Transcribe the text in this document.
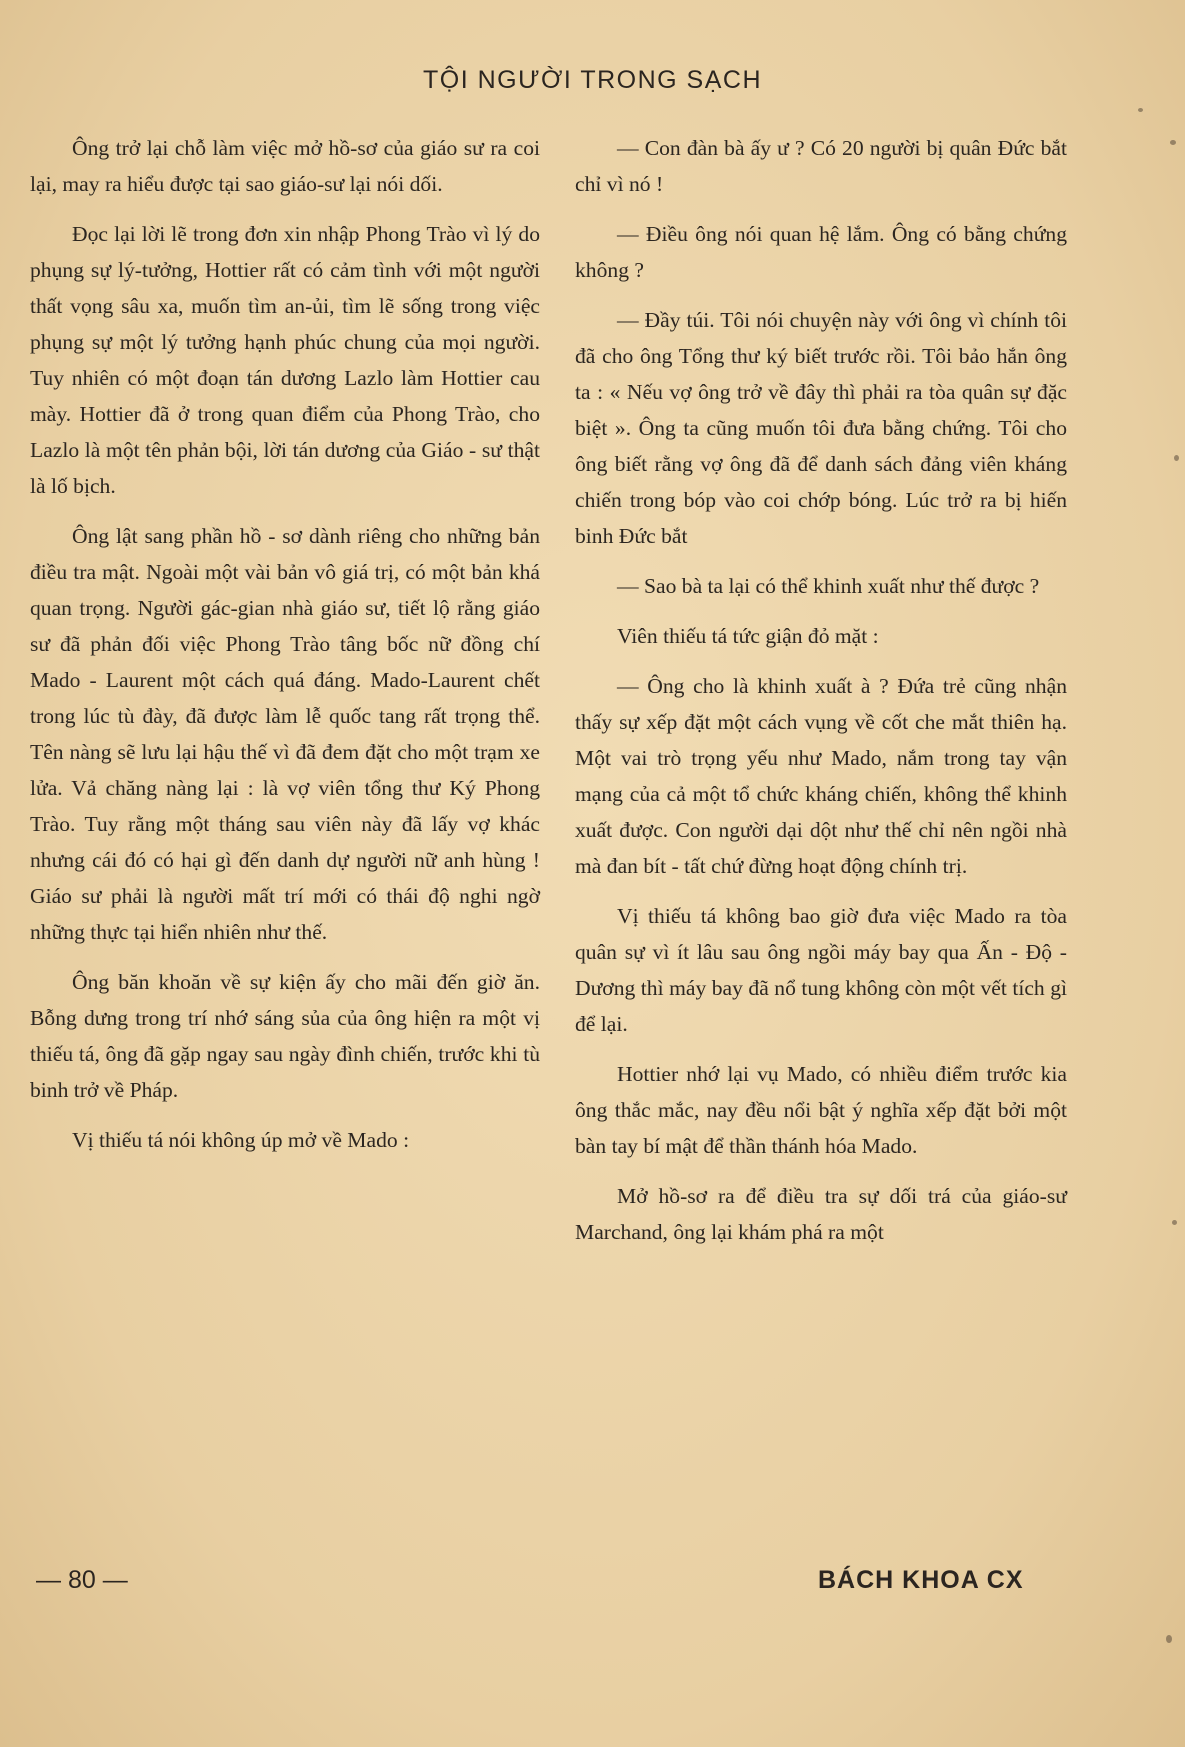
TỘI NGƯỜI TRONG SẠCH

Ông trở lại chỗ làm việc mở hồ-sơ của giáo sư ra coi lại, may ra hiểu được tại sao giáo-sư lại nói dối.

Đọc lại lời lẽ trong đơn xin nhập Phong Trào vì lý do phụng sự lý-tưởng, Hottier rất có cảm tình với một người thất vọng sâu xa, muốn tìm an-ủi, tìm lẽ sống trong việc phụng sự một lý tưởng hạnh phúc chung của mọi người. Tuy nhiên có một đoạn tán dương Lazlo làm Hottier cau mày. Hottier đã ở trong quan điểm của Phong Trào, cho Lazlo là một tên phản bội, lời tán dương của Giáo - sư thật là lố bịch.

Ông lật sang phần hồ - sơ dành riêng cho những bản điều tra mật. Ngoài một vài bản vô giá trị, có một bản khá quan trọng. Người gác-gian nhà giáo sư, tiết lộ rằng giáo sư đã phản đối việc Phong Trào tâng bốc nữ đồng chí Mado - Laurent một cách quá đáng. Mado-Laurent chết trong lúc tù đày, đã được làm lễ quốc tang rất trọng thể. Tên nàng sẽ lưu lại hậu thế vì đã đem đặt cho một trạm xe lửa. Vả chăng nàng lại : là vợ viên tổng thư Ký Phong Trào. Tuy rằng một tháng sau viên này đã lấy vợ khác nhưng cái đó có hại gì đến danh dự người nữ anh hùng ! Giáo sư phải là người mất trí mới có thái độ nghi ngờ những thực tại hiển nhiên như thế.

Ông băn khoăn về sự kiện ấy cho mãi đến giờ ăn. Bỗng dưng trong trí nhớ sáng sủa của ông hiện ra một vị thiếu tá, ông đã gặp ngay sau ngày đình chiến, trước khi tù binh trở về Pháp.

Vị thiếu tá nói không úp mở về Mado :

— Con đàn bà ấy ư ? Có 20 người bị quân Đức bắt chỉ vì nó !

— Điều ông nói quan hệ lắm. Ông có bằng chứng không ?

— Đầy túi. Tôi nói chuyện này với ông vì chính tôi đã cho ông Tổng thư ký biết trước rồi. Tôi bảo hắn ông ta : « Nếu vợ ông trở về đây thì phải ra tòa quân sự đặc biệt ». Ông ta cũng muốn tôi đưa bằng chứng. Tôi cho ông biết rằng vợ ông đã để danh sách đảng viên kháng chiến trong bóp vào coi chớp bóng. Lúc trở ra bị hiến binh Đức bắt

— Sao bà ta lại có thể khinh xuất như thế được ?

Viên thiếu tá tức giận đỏ mặt :

— Ông cho là khinh xuất à ? Đứa trẻ cũng nhận thấy sự xếp đặt một cách vụng về cốt che mắt thiên hạ. Một vai trò trọng yếu như Mado, nắm trong tay vận mạng của cả một tổ chức kháng chiến, không thể khinh xuất được. Con người dại dột như thế chỉ nên ngồi nhà mà đan bít - tất chứ đừng hoạt động chính trị.

Vị thiếu tá không bao giờ đưa việc Mado ra tòa quân sự vì ít lâu sau ông ngồi máy bay qua Ấn - Độ - Dương thì máy bay đã nổ tung không còn một vết tích gì để lại.

Hottier nhớ lại vụ Mado, có nhiều điểm trước kia ông thắc mắc, nay đều nổi bật ý nghĩa xếp đặt bởi một bàn tay bí mật để thần thánh hóa Mado.

Mở hồ-sơ ra để điều tra sự dối trá của giáo-sư Marchand, ông lại khám phá ra một

— 80 —	BÁCH KHOA CX
